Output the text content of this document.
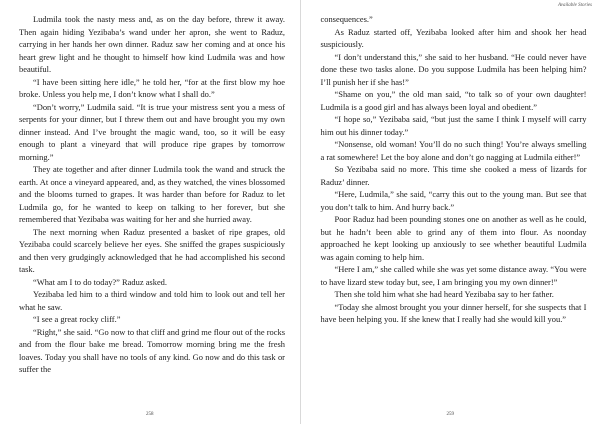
Ludmila took the nasty mess and, as on the day before, threw it away. Then again hiding Yezibaba’s wand under her apron, she went to Raduz, carrying in her hands her own dinner. Raduz saw her coming and at once his heart grew light and he thought to himself how kind Ludmila was and how beautiful.

“I have been sitting here idle,” he told her, “for at the first blow my hoe broke. Unless you help me, I don’t know what I shall do.”

“Don’t worry,” Ludmila said. “It is true your mistress sent you a mess of serpents for your dinner, but I threw them out and have brought you my own dinner instead. And I’ve brought the magic wand, too, so it will be easy enough to plant a vineyard that will produce ripe grapes by tomorrow morning.”

They ate together and after dinner Ludmila took the wand and struck the earth. At once a vineyard appeared, and, as they watched, the vines blossomed and the blooms turned to grapes. It was harder than before for Raduz to let Ludmila go, for he wanted to keep on talking to her forever, but she remembered that Yezibaba was waiting for her and she hurried away.

The next morning when Raduz presented a basket of ripe grapes, old Yezibaba could scarcely believe her eyes. She sniffed the grapes suspiciously and then very grudgingly acknowledged that he had accomplished his second task.

“What am I to do today?” Raduz asked.

Yezibaba led him to a third window and told him to look out and tell her what he saw.

“I see a great rocky cliff.”

“Right,” she said. “Go now to that cliff and grind me flour out of the rocks and from the flour bake me bread. Tomorrow morning bring me the fresh loaves. Today you shall have no tools of any kind. Go now and do this task or suffer the

258
Available Stories

consequences.”

As Raduz started off, Yezibaba looked after him and shook her head suspiciously.

“I don’t understand this,” she said to her husband. “He could never have done these two tasks alone. Do you suppose Ludmila has been helping him? I’ll punish her if she has!”

“Shame on you,” the old man said, “to talk so of your own daughter! Ludmila is a good girl and has always been loyal and obedient.”

“I hope so,” Yezibaba said, “but just the same I think I myself will carry him out his dinner today.”

“Nonsense, old woman! You’ll do no such thing! You’re always smelling a rat somewhere! Let the boy alone and don’t go nagging at Ludmila either!”

So Yezibaba said no more. This time she cooked a mess of lizards for Raduz’ dinner.

“Here, Ludmila,” she said, “carry this out to the young man. But see that you don’t talk to him. And hurry back.”

Poor Raduz had been pounding stones one on another as well as he could, but he hadn’t been able to grind any of them into flour. As noonday approached he kept looking up anxiously to see whether beautiful Ludmila was again coming to help him.

“Here I am,” she called while she was yet some distance away. “You were to have lizard stew today but, see, I am bringing you my own dinner!”

Then she told him what she had heard Yezibaba say to her father.

“Today she almost brought you your dinner herself, for she suspects that I have been helping you. If she knew that I really had she would kill you.”

259
